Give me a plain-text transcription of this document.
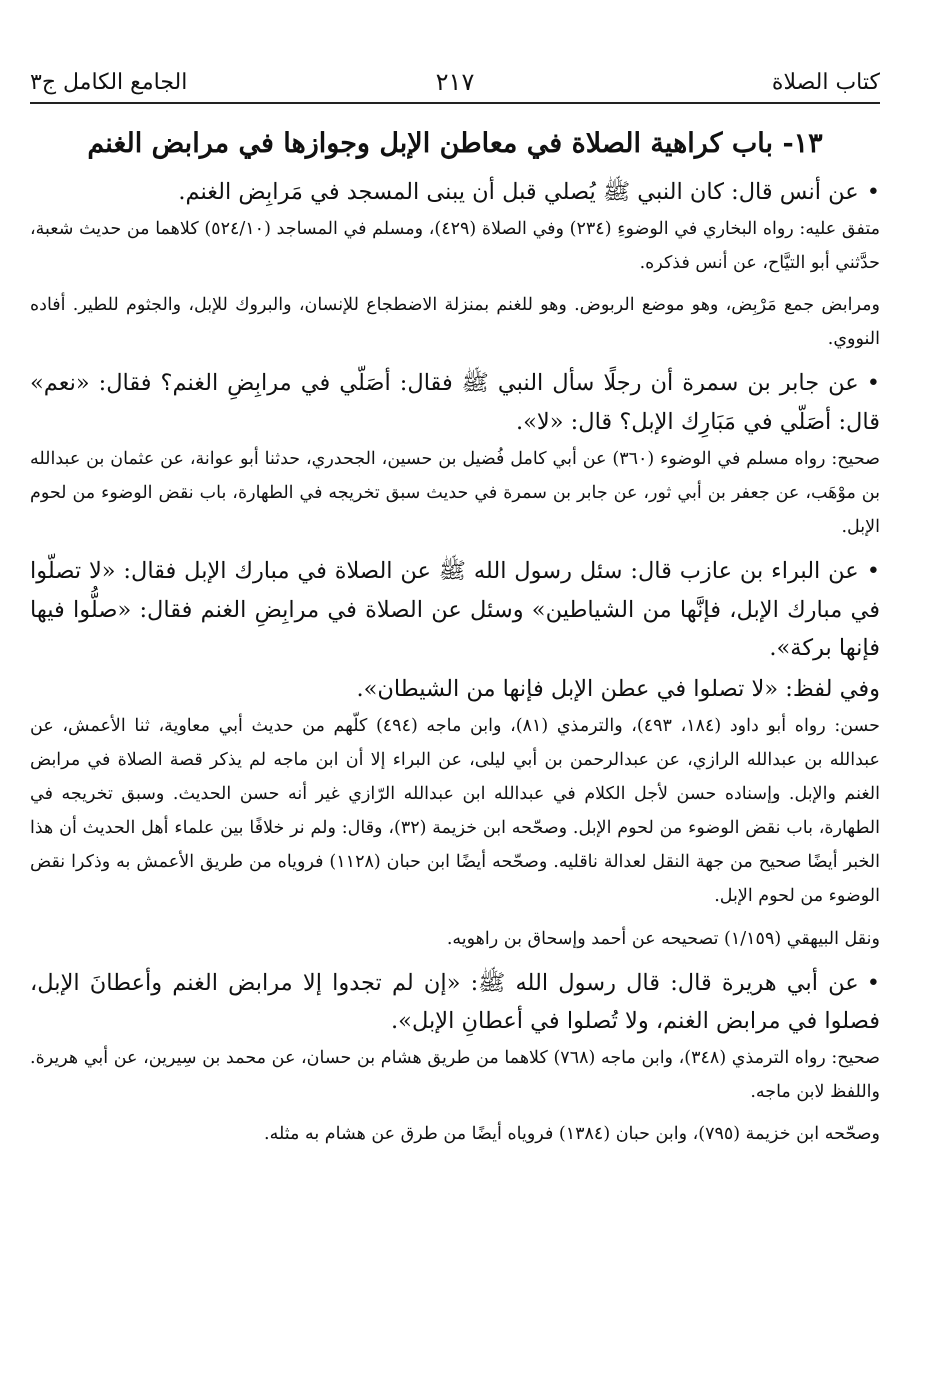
كتاب الصلاة
٢١٧
الجامع الكامل ج٣
١٣- باب كراهية الصلاة في معاطن الإبل وجوازها في مرابض الغنم

•عن أنس قال: كان النبي ﷺ يُصلي قبل أن يبنى المسجد في مَرابِض الغنم.

متفق عليه: رواه البخاري في الوضوءِ (٢٣٤) وفي الصلاة (٤٢٩)، ومسلم في المساجد (٥٢٤/١٠) كلاهما من حديث شعبة، حدَّثني أبو التيَّاح، عن أنس فذكره.

ومرابض جمع مَرْبِض، وهو موضع الربوض. وهو للغنم بمنزلة الاضطجاع للإنسان، والبروك للإبل، والجثوم للطير. أفاده النووي.

•عن جابر بن سمرة أن رجلًا سأل النبي ﷺ فقال: أصَلّي في مرابِضِ الغنم؟ فقال: «نعم» قال: أصَلّي في مَبَارِك الإبل؟ قال: «لا».

صحيح: رواه مسلم في الوضوء (٣٦٠) عن أبي كامل فُضيل بن حسين، الجحدري، حدثنا أبو عوانة، عن عثمان بن عبدالله بن موْهَب، عن جعفر بن أبي ثور، عن جابر بن سمرة في حديث سبق تخريجه في الطهارة، باب نقض الوضوء من لحوم الإبل.

•عن البراء بن عازب قال: سئل رسول الله ﷺ عن الصلاة في مبارك الإبل فقال: «لا تصلّوا في مبارك الإبل، فإنَّها من الشياطين» وسئل عن الصلاة في مرابِضِ الغنم فقال: «صلُّوا فيها فإنها بركة».

وفي لفظ: «لا تصلوا في عطن الإبل فإنها من الشيطان».

حسن: رواه أبو داود (١٨٤، ٤٩٣)، والترمذي (٨١)، وابن ماجه (٤٩٤) كلّهم من حديث أبي معاوية، ثنا الأعمش، عن عبدالله بن عبدالله الرازي، عن عبدالرحمن بن أبي ليلى، عن البراء إلا أن ابن ماجه لم يذكر قصة الصلاة في مرابض الغنم والإبل. وإسناده حسن لأجل الكلام في عبدالله ابن عبدالله الرّازي غير أنه حسن الحديث. وسبق تخريجه في الطهارة، باب نقض الوضوء من لحوم الإبل. وصحّحه ابن خزيمة (٣٢)، وقال: ولم نر خلافًا بين علماء أهل الحديث أن هذا الخبر أيضًا صحيح من جهة النقل لعدالة ناقليه. وصحّحه أيضًا ابن حبان (١١٢٨) فروياه من طريق الأعمش به وذكرا نقض الوضوء من لحوم الإبل.

ونقل البيهقي (١/١٥٩) تصحيحه عن أحمد وإسحاق بن راهويه.

•عن أبي هريرة قال: قال رسول الله ﷺ: «إن لم تجدوا إلا مرابض الغنم وأعطانَ الإبل، فصلوا في مرابض الغنم، ولا تُصلوا في أعطانِ الإبل».

صحيح: رواه الترمذي (٣٤٨)، وابن ماجه (٧٦٨) كلاهما من طريق هشام بن حسان، عن محمد بن سِيرين، عن أبي هريرة. واللفظ لابن ماجه.

وصحّحه ابن خزيمة (٧٩٥)، وابن حبان (١٣٨٤) فروياه أيضًا من طرق عن هشام به مثله.
